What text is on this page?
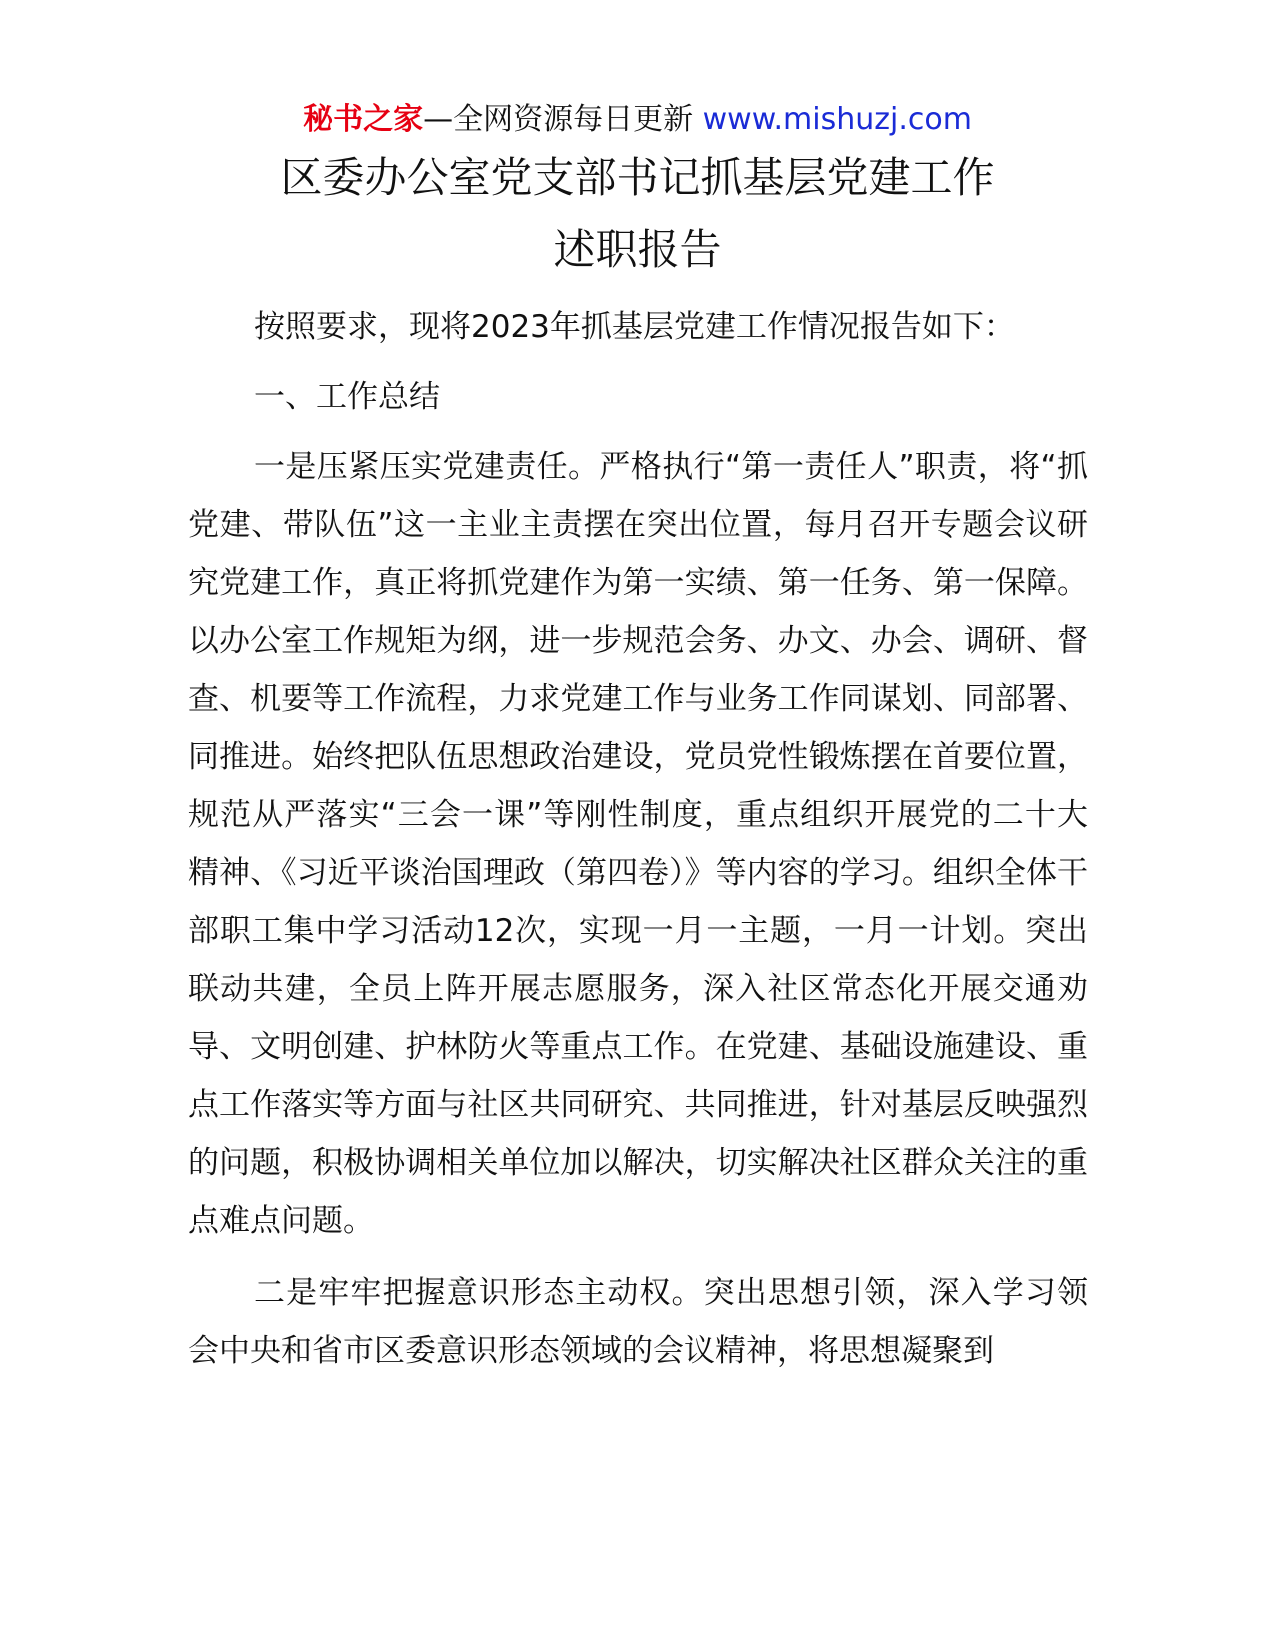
秘书之家—全网资源每日更新 www.mishuzj.com
区委办公室党支部书记抓基层党建工作
述职报告

按照要求，现将2023年抓基层党建工作情况报告如下：

一、工作总结

一是压紧压实党建责任。严格执行“第一责任人”职责，将“抓党建、带队伍”这一主业主责摆在突出位置，每月召开专题会议研究党建工作，真正将抓党建作为第一实绩、第一任务、第一保障。以办公室工作规矩为纲，进一步规范会务、办文、办会、调研、督查、机要等工作流程，力求党建工作与业务工作同谋划、同部署、同推进。始终把队伍思想政治建设，党员党性锻炼摆在首要位置，规范从严落实“三会一课”等刚性制度，重点组织开展党的二十大精神、《习近平谈治国理政（第四卷）》等内容的学习。组织全体干部职工集中学习活动12次，实现一月一主题，一月一计划。突出联动共建，全员上阵开展志愿服务，深入社区常态化开展交通劝导、文明创建、护林防火等重点工作。在党建、基础设施建设、重点工作落实等方面与社区共同研究、共同推进，针对基层反映强烈的问题，积极协调相关单位加以解决，切实解决社区群众关注的重点难点问题。

二是牢牢把握意识形态主动权。突出思想引领，深入学习领会中央和省市区委意识形态领域的会议精神，将思想凝聚到
